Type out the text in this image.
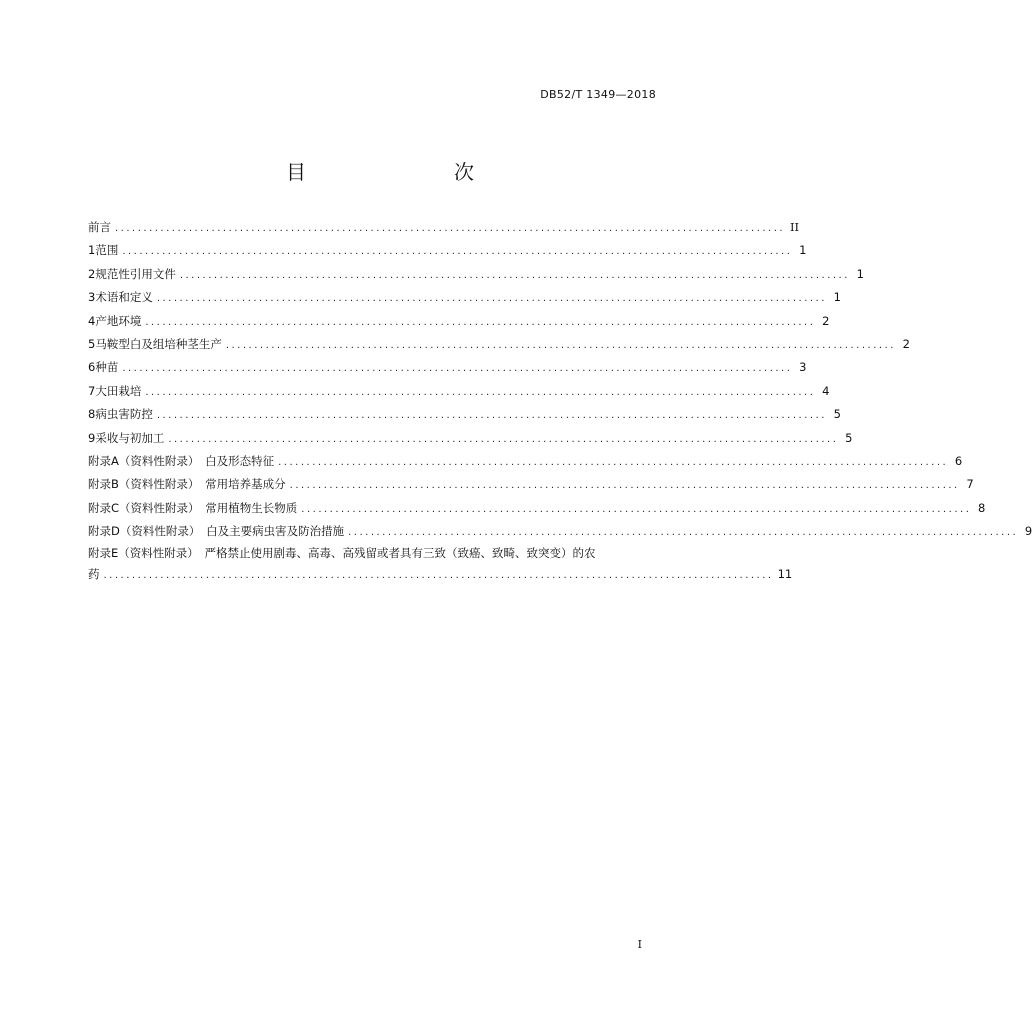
DB52/T 1349—2018
目　　次
前言 ...................................................................................................................... II
1 范围 ...................................................................................................................... 1
2 规范性引用文件 ...................................................................................................................... 1
3 术语和定义 ...................................................................................................................... 1
4 产地环境 ...................................................................................................................... 2
5 马鞍型白及组培种茎生产 ...................................................................................................................... 2
6 种苗 ...................................................................................................................... 3
7 大田栽培 ...................................................................................................................... 4
8 病虫害防控 ...................................................................................................................... 5
9 采收与初加工 ...................................................................................................................... 5
附录A（资料性附录）　白及形态特征 ...................................................................................................................... 6
附录B（资料性附录）　常用培养基成分 ...................................................................................................................... 7
附录C（资料性附录）　常用植物生长物质 ...................................................................................................................... 8
附录D（资料性附录）　白及主要病虫害及防治措施 ...................................................................................................................... 9
附录E（资料性附录）　严格禁止使用剧毒、高毒、高残留或者具有三致（致癌、致畸、致突变）的农
药 ...................................................................................................................... 11
I
